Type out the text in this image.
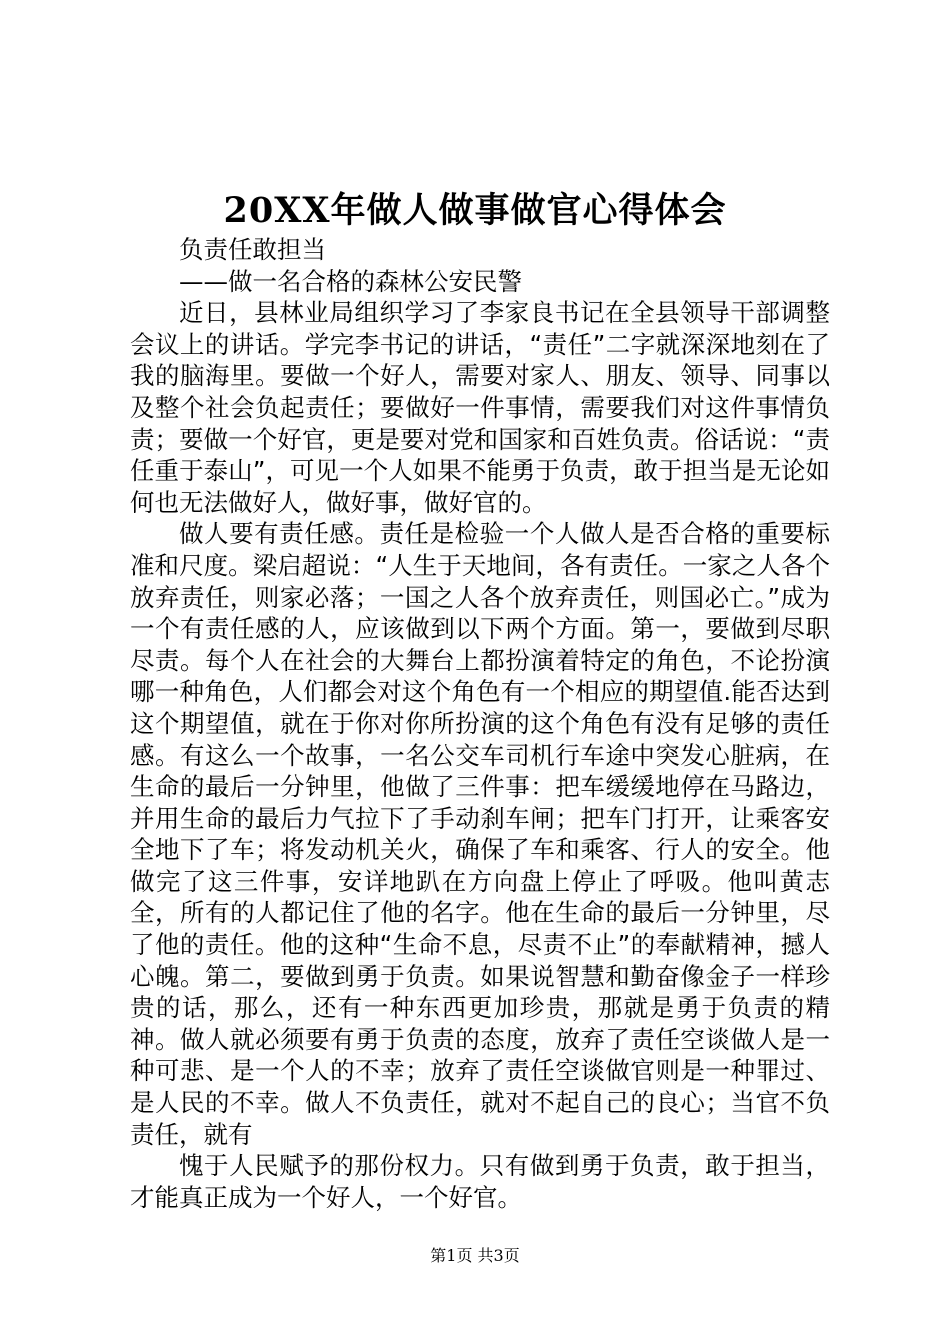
20XX年做人做事做官心得体会

负责任敢担当

——做一名合格的森林公安民警

近日，县林业局组织学习了李家良书记在全县领导干部调整会议上的讲话。学完李书记的讲话，“责任”二字就深深地刻在了我的脑海里。要做一个好人，需要对家人、朋友、领导、同事以及整个社会负起责任；要做好一件事情，需要我们对这件事情负责；要做一个好官，更是要对党和国家和百姓负责。俗话说：“责任重于泰山”，可见一个人如果不能勇于负责，敢于担当是无论如何也无法做好人，做好事，做好官的。

做人要有责任感。责任是检验一个人做人是否合格的重要标准和尺度。梁启超说：“人生于天地间，各有责任。一家之人各个放弃责任，则家必落；一国之人各个放弃责任，则国必亡。”成为一个有责任感的人，应该做到以下两个方面。第一，要做到尽职尽责。每个人在社会的大舞台上都扮演着特定的角色，不论扮演哪一种角色，人们都会对这个角色有一个相应的期望值.能否达到这个期望值，就在于你对你所扮演的这个角色有没有足够的责任感。有这么一个故事，一名公交车司机行车途中突发心脏病，在生命的最后一分钟里，他做了三件事：把车缓缓地停在马路边，并用生命的最后力气拉下了手动刹车闸；把车门打开，让乘客安全地下了车；将发动机关火，确保了车和乘客、行人的安全。他做完了这三件事，安详地趴在方向盘上停止了呼吸。他叫黄志全，所有的人都记住了他的名字。他在生命的最后一分钟里，尽了他的责任。他的这种“生命不息，尽责不止”的奉献精神，撼人心魄。第二，要做到勇于负责。如果说智慧和勤奋像金子一样珍贵的话，那么，还有一种东西更加珍贵，那就是勇于负责的精神。做人就必须要有勇于负责的态度，放弃了责任空谈做人是一种可悲、是一个人的不幸；放弃了责任空谈做官则是一种罪过、是人民的不幸。做人不负责任，就对不起自己的良心；当官不负责任，就有

愧于人民赋予的那份权力。只有做到勇于负责，敢于担当，才能真正成为一个好人，一个好官。

第1页 共3页
